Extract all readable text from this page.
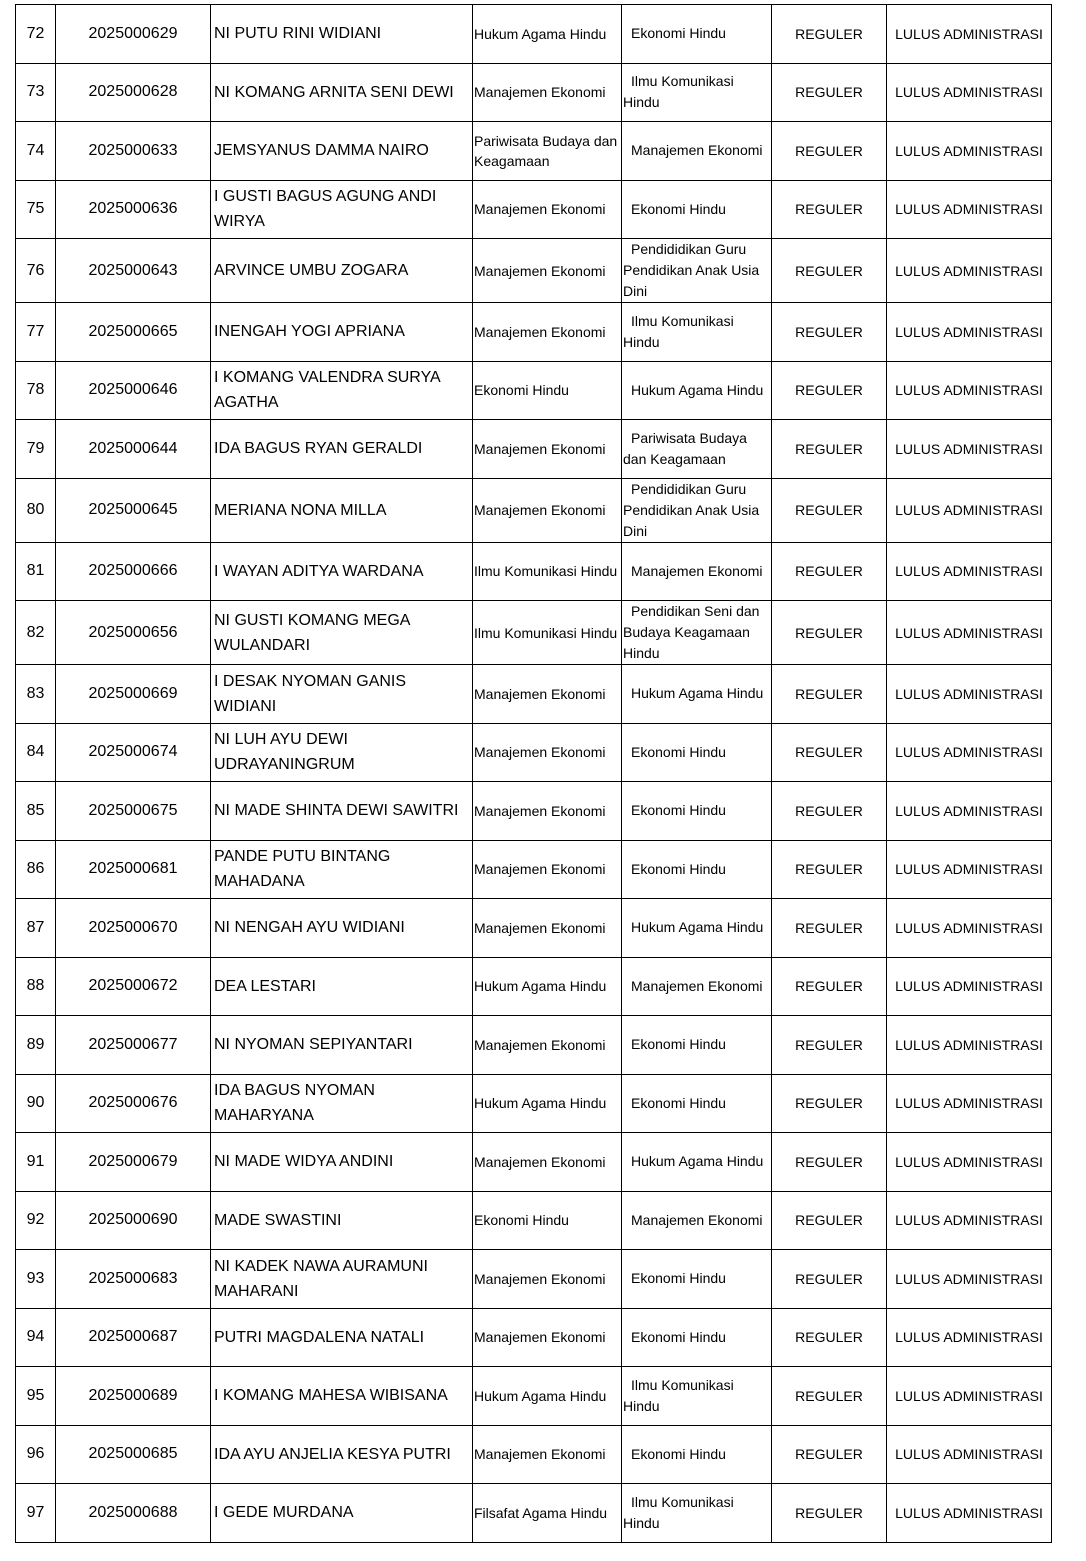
72	2025000629	NI PUTU RINI WIDIANI	Hukum Agama Hindu	Ekonomi Hindu	REGULER	LULUS ADMINISTRASI
73	2025000628	NI KOMANG ARNITA SENI DEWI	Manajemen Ekonomi	Ilmu Komunikasi Hindu	REGULER	LULUS ADMINISTRASI
74	2025000633	JEMSYANUS DAMMA NAIRO	Pariwisata Budaya dan Keagamaan	Manajemen Ekonomi	REGULER	LULUS ADMINISTRASI
75	2025000636	I GUSTI BAGUS AGUNG ANDI WIRYA	Manajemen Ekonomi	Ekonomi Hindu	REGULER	LULUS ADMINISTRASI
76	2025000643	ARVINCE UMBU ZOGARA	Manajemen Ekonomi	Pendididikan Guru Pendidikan Anak Usia Dini	REGULER	LULUS ADMINISTRASI
77	2025000665	INENGAH YOGI APRIANA	Manajemen Ekonomi	Ilmu Komunikasi Hindu	REGULER	LULUS ADMINISTRASI
78	2025000646	I KOMANG VALENDRA SURYA AGATHA	Ekonomi Hindu	Hukum Agama Hindu	REGULER	LULUS ADMINISTRASI
79	2025000644	IDA BAGUS RYAN GERALDI	Manajemen Ekonomi	Pariwisata Budaya dan Keagamaan	REGULER	LULUS ADMINISTRASI
80	2025000645	MERIANA NONA MILLA	Manajemen Ekonomi	Pendididikan Guru Pendidikan Anak Usia Dini	REGULER	LULUS ADMINISTRASI
81	2025000666	I WAYAN ADITYA WARDANA	Ilmu Komunikasi Hindu	Manajemen Ekonomi	REGULER	LULUS ADMINISTRASI
82	2025000656	NI GUSTI KOMANG MEGA WULANDARI	Ilmu Komunikasi Hindu	Pendidikan Seni dan Budaya Keagamaan Hindu	REGULER	LULUS ADMINISTRASI
83	2025000669	I DESAK NYOMAN GANIS WIDIANI	Manajemen Ekonomi	Hukum Agama Hindu	REGULER	LULUS ADMINISTRASI
84	2025000674	NI LUH AYU DEWI UDRAYANINGRUM	Manajemen Ekonomi	Ekonomi Hindu	REGULER	LULUS ADMINISTRASI
85	2025000675	NI MADE SHINTA DEWI SAWITRI	Manajemen Ekonomi	Ekonomi Hindu	REGULER	LULUS ADMINISTRASI
86	2025000681	PANDE PUTU BINTANG MAHADANA	Manajemen Ekonomi	Ekonomi Hindu	REGULER	LULUS ADMINISTRASI
87	2025000670	NI NENGAH AYU WIDIANI	Manajemen Ekonomi	Hukum Agama Hindu	REGULER	LULUS ADMINISTRASI
88	2025000672	DEA LESTARI	Hukum Agama Hindu	Manajemen Ekonomi	REGULER	LULUS ADMINISTRASI
89	2025000677	NI NYOMAN SEPIYANTARI	Manajemen Ekonomi	Ekonomi Hindu	REGULER	LULUS ADMINISTRASI
90	2025000676	IDA BAGUS NYOMAN MAHARYANA	Hukum Agama Hindu	Ekonomi Hindu	REGULER	LULUS ADMINISTRASI
91	2025000679	NI MADE WIDYA ANDINI	Manajemen Ekonomi	Hukum Agama Hindu	REGULER	LULUS ADMINISTRASI
92	2025000690	MADE SWASTINI	Ekonomi Hindu	Manajemen Ekonomi	REGULER	LULUS ADMINISTRASI
93	2025000683	NI KADEK NAWA AURAMUNI MAHARANI	Manajemen Ekonomi	Ekonomi Hindu	REGULER	LULUS ADMINISTRASI
94	2025000687	PUTRI MAGDALENA NATALI	Manajemen Ekonomi	Ekonomi Hindu	REGULER	LULUS ADMINISTRASI
95	2025000689	I KOMANG MAHESA WIBISANA	Hukum Agama Hindu	Ilmu Komunikasi Hindu	REGULER	LULUS ADMINISTRASI
96	2025000685	IDA AYU ANJELIA KESYA PUTRI	Manajemen Ekonomi	Ekonomi Hindu	REGULER	LULUS ADMINISTRASI
97	2025000688	I GEDE MURDANA	Filsafat Agama Hindu	Ilmu Komunikasi Hindu	REGULER	LULUS ADMINISTRASI
